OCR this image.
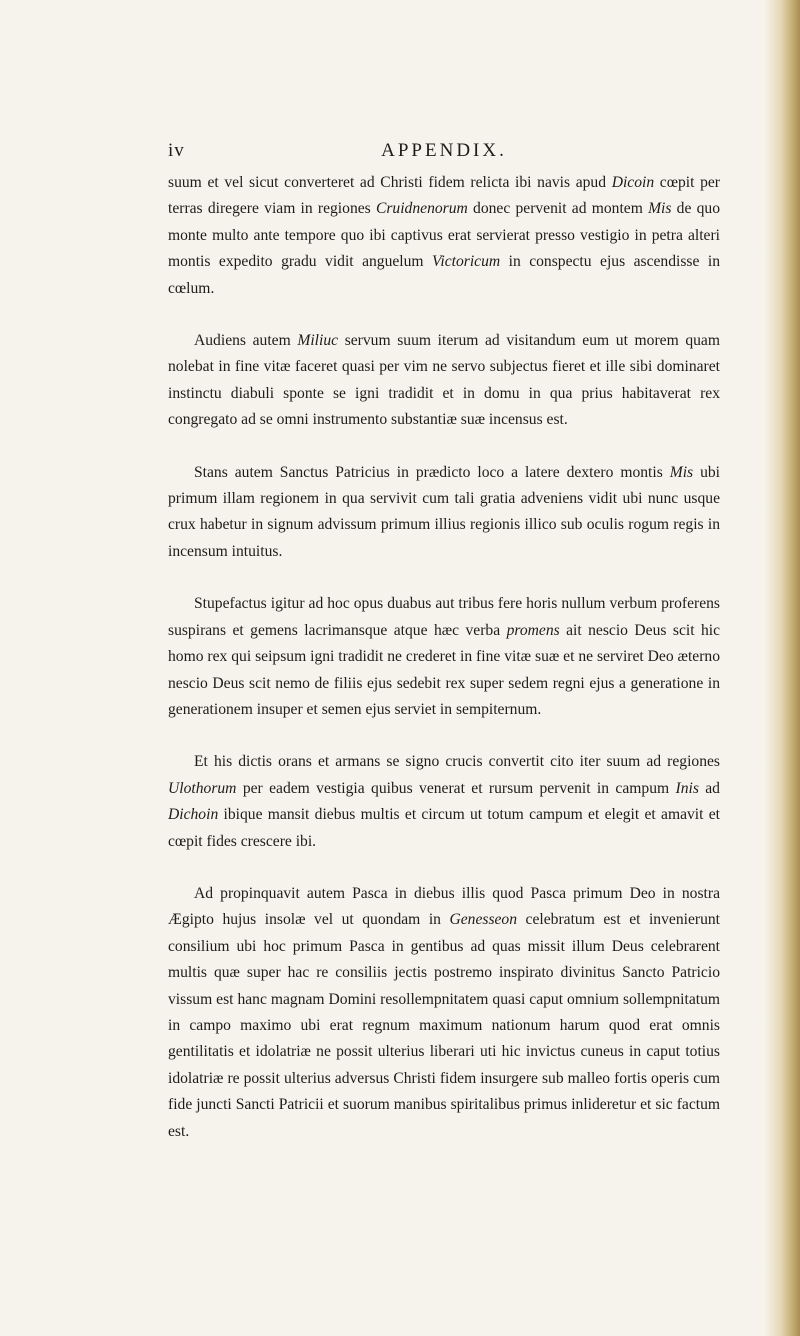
iv	APPENDIX.

suum et vel sicut converteret ad Christi fidem relicta ibi navis apud Dicoin cœpit per terras diregere viam in regiones Cruidnenorum donec pervenit ad montem Mis de quo monte multo ante tempore quo ibi captivus erat servierat presso vestigio in petra alteri montis expedito gradu vidit anguelum Victoricum in conspectu ejus ascendisse in cœlum.

Audiens autem Miliuc servum suum iterum ad visitandum eum ut morem quam nolebat in fine vitæ faceret quasi per vim ne servo subjectus fieret et ille sibi dominaret instinctu diabuli sponte se igni tradidit et in domu in qua prius habitaverat rex congregato ad se omni instrumento substantiæ suæ incensus est.

Stans autem Sanctus Patricius in prædicto loco a latere dextero montis Mis ubi primum illam regionem in qua servivit cum tali gratia adveniens vidit ubi nunc usque crux habetur in signum advissum primum illius regionis illico sub oculis rogum regis in incensum intuitus.

Stupefactus igitur ad hoc opus duabus aut tribus fere horis nullum verbum proferens suspirans et gemens lacrimansque atque hæc verba promens ait nescio Deus scit hic homo rex qui seipsum igni tradidit ne crederet in fine vitæ suæ et ne serviret Deo æterno nescio Deus scit nemo de filiis ejus sedebit rex super sedem regni ejus a generatione in generationem insuper et semen ejus serviet in sempiternum.

Et his dictis orans et armans se signo crucis convertit cito iter suum ad regiones Ulothorum per eadem vestigia quibus venerat et rursum pervenit in campum Inis ad Dichoin ibique mansit diebus multis et circum ut totum campum et elegit et amavit et cœpit fides crescere ibi.

Ad propinquavit autem Pasca in diebus illis quod Pasca primum Deo in nostra Ægipto hujus insolæ vel ut quondam in Genesseon celebratum est et invenierunt consilium ubi hoc primum Pasca in gentibus ad quas missit illum Deus celebrarent multis quæ super hac re consiliis jectis postremo inspirato divinitus Sancto Patricio vissum est hanc magnam Domini resollempnitatem quasi caput omnium sollempnitatum in campo maximo ubi erat regnum maximum nationum harum quod erat omnis gentilitatis et idolatriæ ne possit ulterius liberari uti hic invictus cuneus in caput totius idolatriæ re possit ulterius adversus Christi fidem insurgere sub malleo fortis operis cum fide juncti Sancti Patricii et suorum manibus spiritalibus primus inlideretur et sic factum est.
